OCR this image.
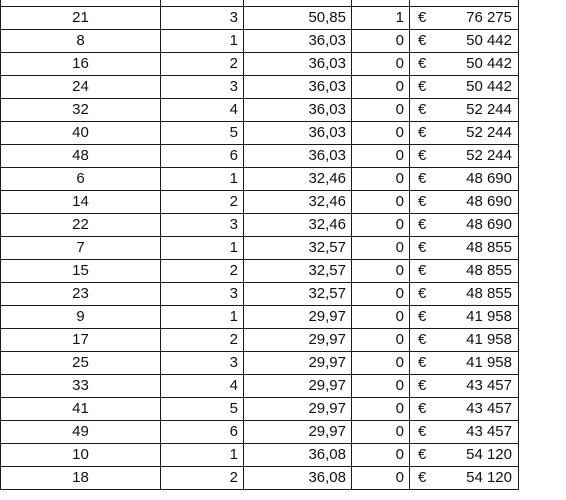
21	3	50,85	1	€ 76 275

8	1	36,03	0	€ 50 442

16	2	36,03	0	€ 50 442

24	3	36,03	0	€ 50 442

32	4	36,03	0	€ 52 244

40	5	36,03	0	€ 52 244

48	6	36,03	0	€ 52 244

6	1	32,46	0	€ 48 690

14	2	32,46	0	€ 48 690

22	3	32,46	0	€ 48 690

7	1	32,57	0	€ 48 855

15	2	32,57	0	€ 48 855

23	3	32,57	0	€ 48 855

9	1	29,97	0	€ 41 958

17	2	29,97	0	€ 41 958

25	3	29,97	0	€ 41 958

33	4	29,97	0	€ 43 457

41	5	29,97	0	€ 43 457

49	6	29,97	0	€ 43 457

10	1	36,08	0	€ 54 120

18	2	36,08	0	€ 54 120
